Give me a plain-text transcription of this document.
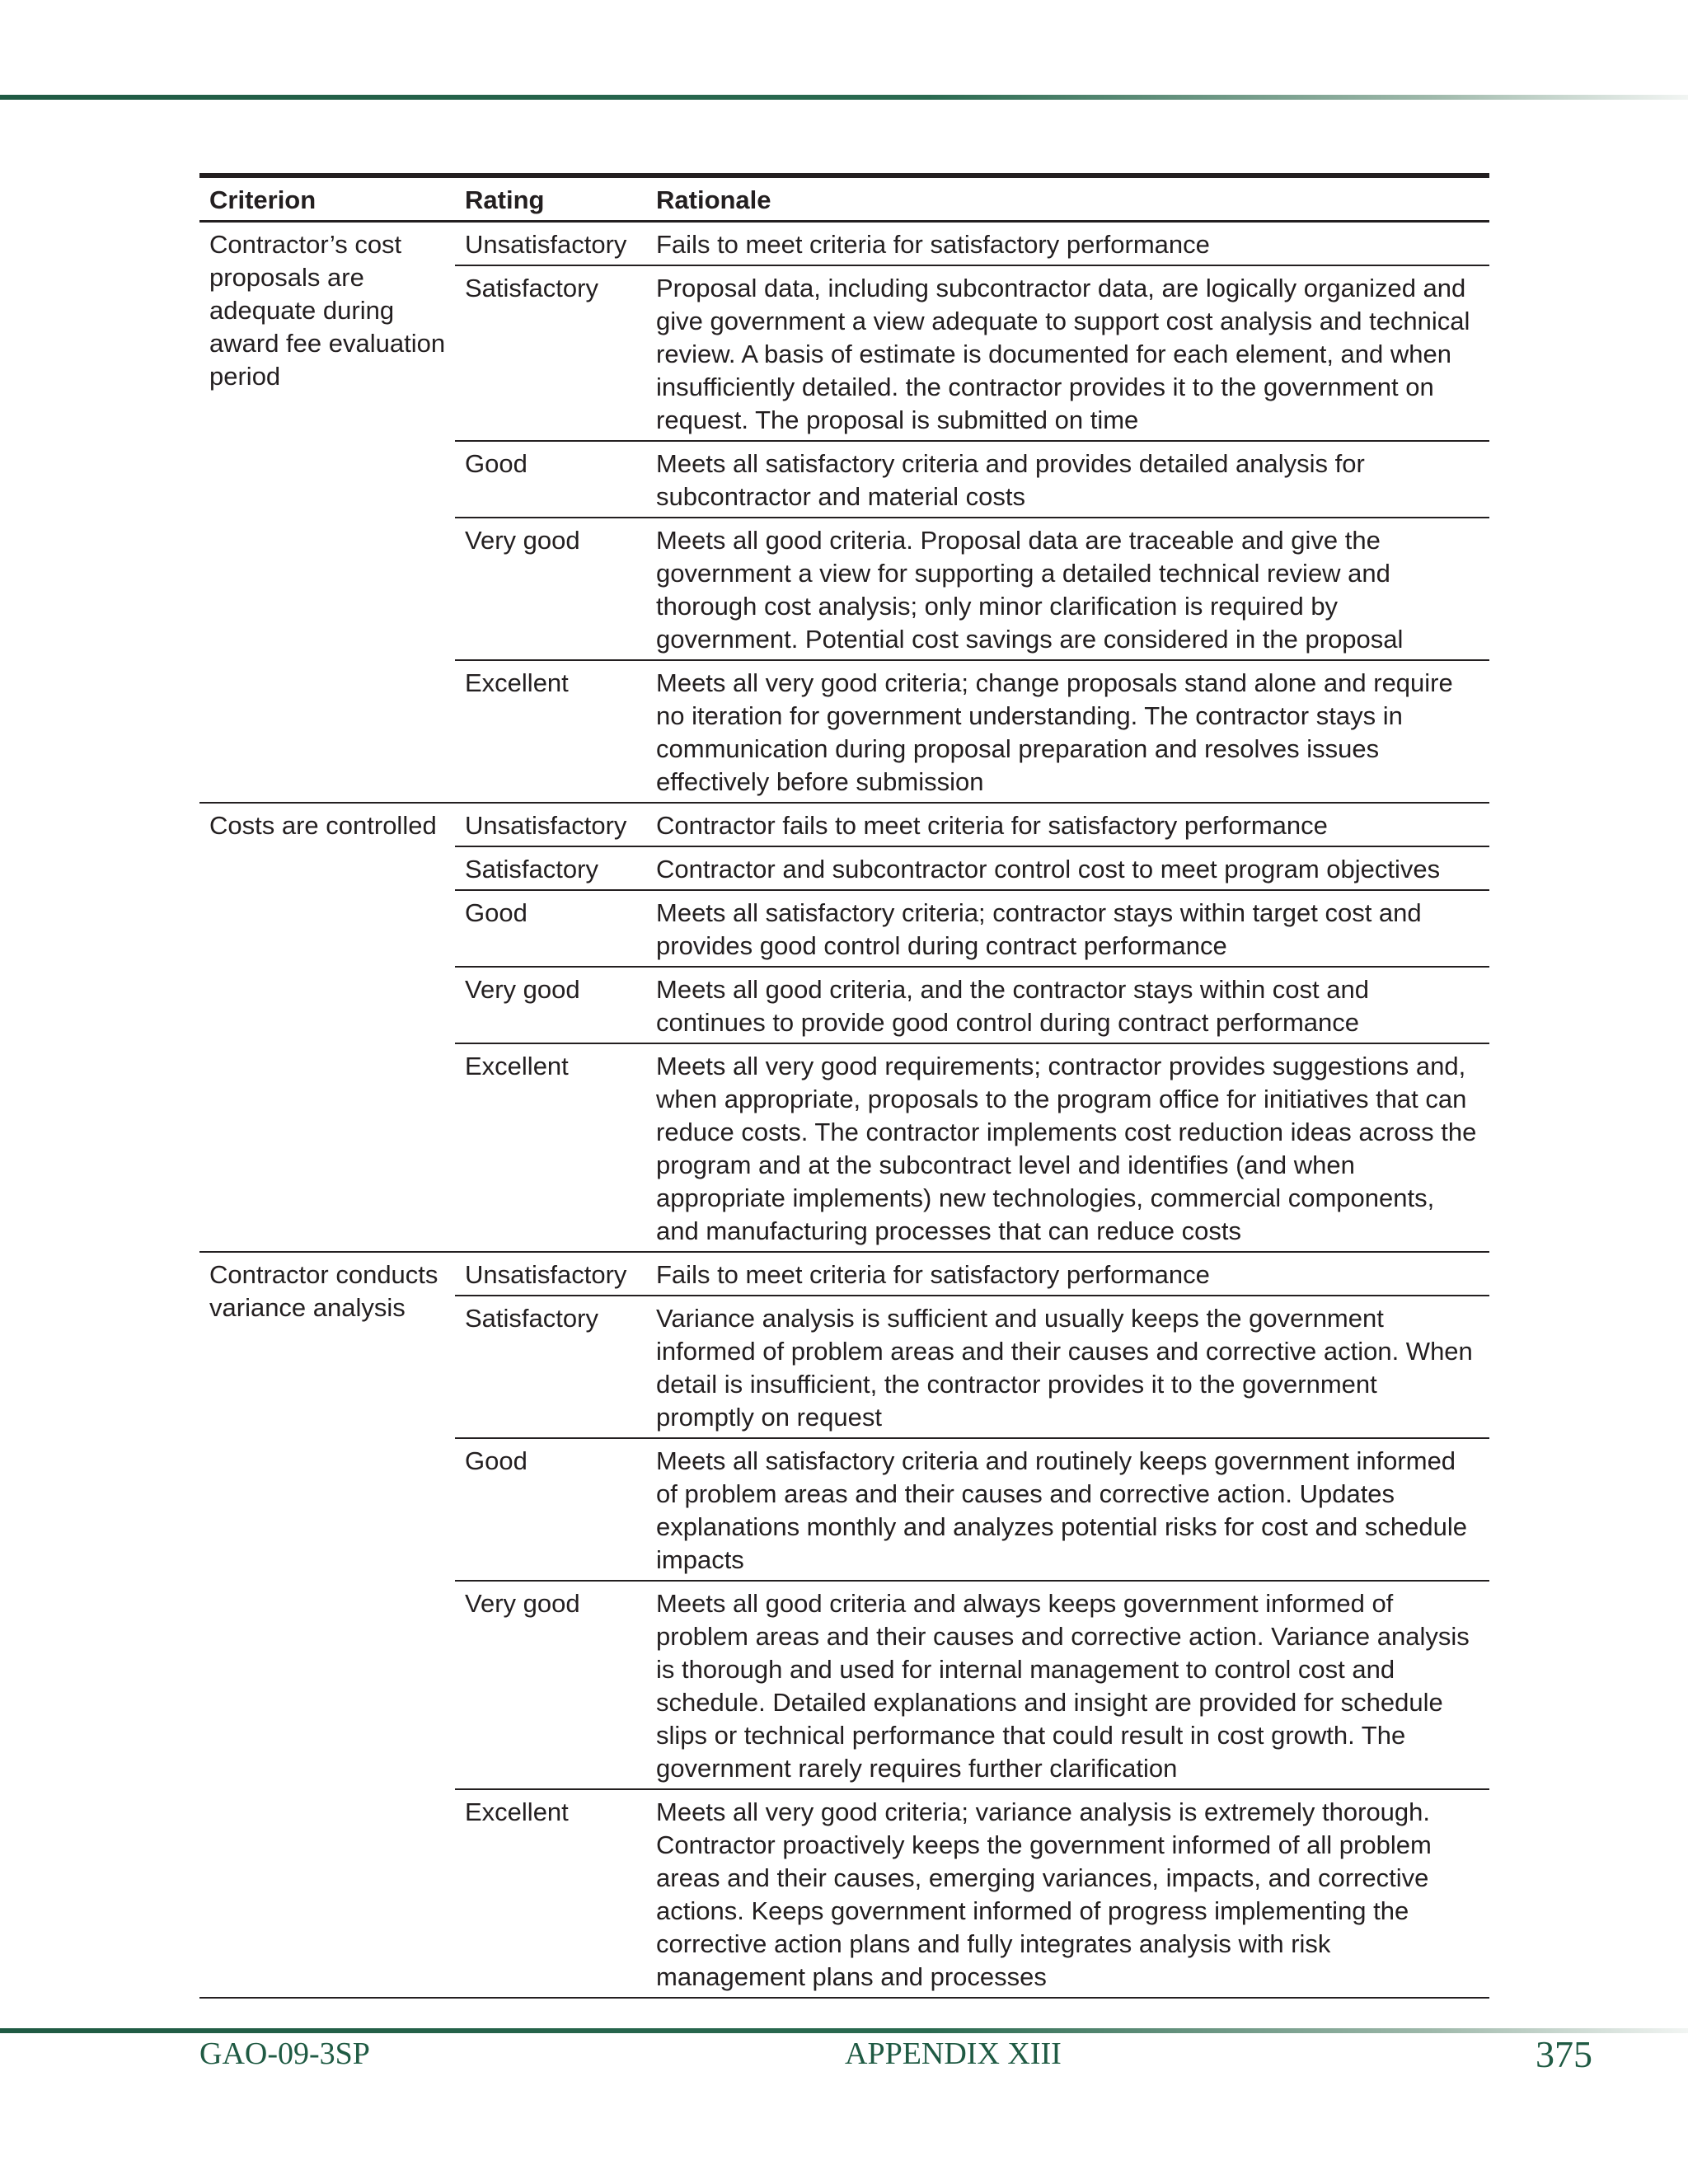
Criterion	Rating	Rationale
Contractor’s cost proposals are adequate during award fee evaluation period	Unsatisfactory	Fails to meet criteria for satisfactory performance
	Satisfactory	Proposal data, including subcontractor data, are logically organized and give government a view adequate to support cost analysis and technical review. A basis of estimate is documented for each element, and when insufficiently detailed. the contractor provides it to the government on request. The proposal is submitted on time
	Good	Meets all satisfactory criteria and provides detailed analysis for subcontractor and material costs
	Very good	Meets all good criteria. Proposal data are traceable and give the government a view for supporting a detailed technical review and thorough cost analysis; only minor clarification is required by government. Potential cost savings are considered in the proposal
	Excellent	Meets all very good criteria; change proposals stand alone and require no iteration for government understanding. The contractor stays in communication during proposal preparation and resolves issues effectively before submission
Costs are controlled	Unsatisfactory	Contractor fails to meet criteria for satisfactory performance
	Satisfactory	Contractor and subcontractor control cost to meet program objectives
	Good	Meets all satisfactory criteria; contractor stays within target cost and provides good control during contract performance
	Very good	Meets all good criteria, and the contractor stays within cost and continues to provide good control during contract performance
	Excellent	Meets all very good requirements; contractor provides suggestions and, when appropriate, proposals to the program office for initiatives that can reduce costs. The contractor implements cost reduction ideas across the program and at the subcontract level and identifies (and when appropriate implements) new technologies, commercial components, and manufacturing processes that can reduce costs
Contractor conducts variance analysis	Unsatisfactory	Fails to meet criteria for satisfactory performance
	Satisfactory	Variance analysis is sufficient and usually keeps the government informed of problem areas and their causes and corrective action. When detail is insufficient, the contractor provides it to the government promptly on request
	Good	Meets all satisfactory criteria and routinely keeps government informed of problem areas and their causes and corrective action. Updates explanations monthly and analyzes potential risks for cost and schedule impacts
	Very good	Meets all good criteria and always keeps government informed of problem areas and their causes and corrective action. Variance analysis is thorough and used for internal management to control cost and schedule. Detailed explanations and insight are provided for schedule slips or technical performance that could result in cost growth. The government rarely requires further clarification
	Excellent	Meets all very good criteria; variance analysis is extremely thorough. Contractor proactively keeps the government informed of all problem areas and their causes, emerging variances, impacts, and corrective actions. Keeps government informed of progress implementing the corrective action plans and fully integrates analysis with risk management plans and processes
GAO-09-3SP	APPENDIX XIII	375
